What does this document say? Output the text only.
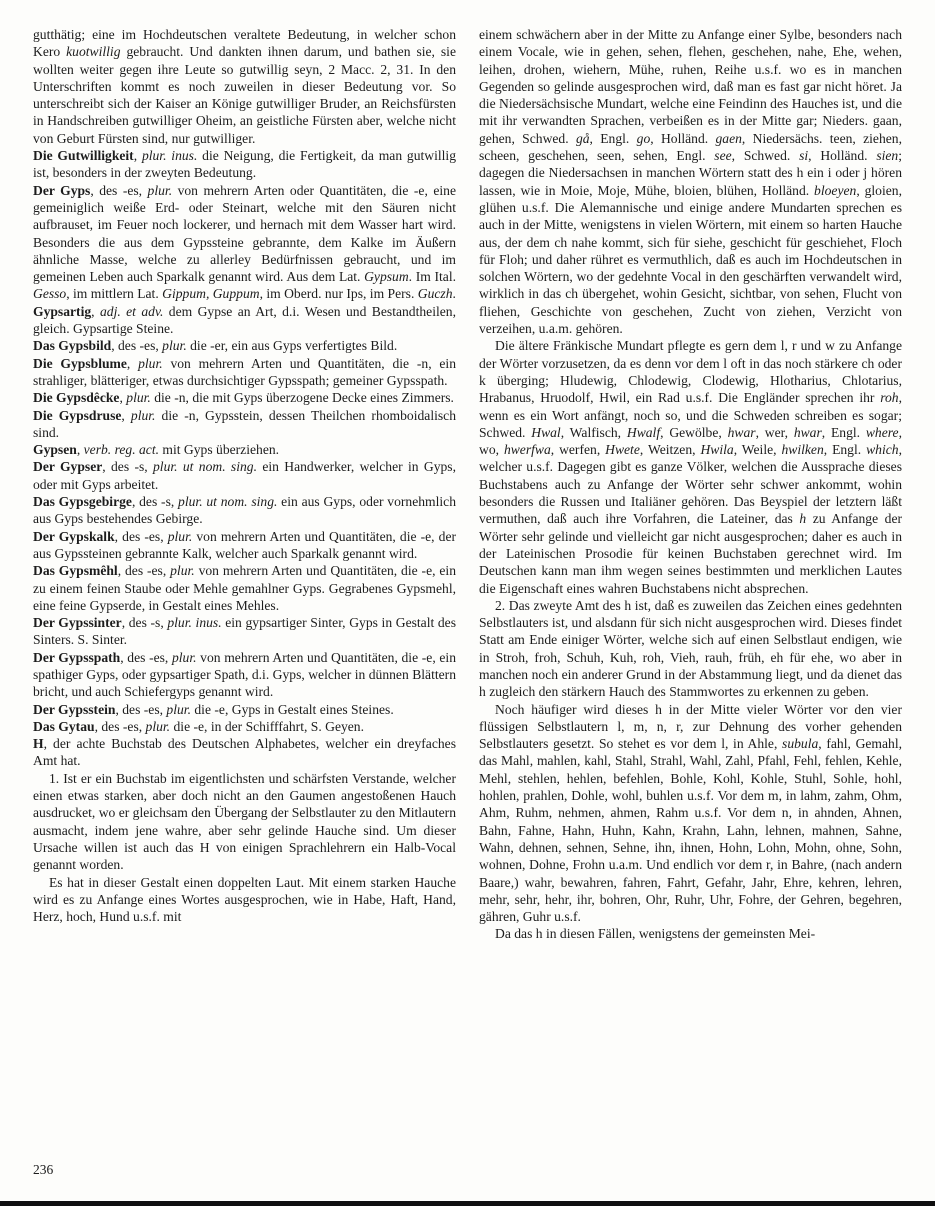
gutthätig; eine im Hochdeutschen veraltete Bedeutung, in welcher schon Kero kuotwillig gebraucht. Und dankten ihnen darum, und bathen sie, sie wollten weiter gegen ihre Leute so gutwillig seyn, 2 Macc. 2, 31. In den Unterschriften kommt es noch zuweilen in dieser Bedeutung vor. So unterschreibt sich der Kaiser an Könige gutwilliger Bruder, an Reichsfürsten in Handschreiben gutwilliger Oheim, an geistliche Fürsten aber, welche nicht von Geburt Fürsten sind, nur gutwilliger.

Die Gutwilligkeit, plur. inus. die Neigung, die Fertigkeit, da man gutwillig ist, besonders in der zweyten Bedeutung.

Der Gyps, des -es, plur. von mehrern Arten oder Quantitäten, die -e, eine gemeiniglich weiße Erd- oder Steinart, welche mit den Säuren nicht aufbrauset, im Feuer noch lockerer, und hernach mit dem Wasser hart wird. Besonders die aus dem Gypssteine gebrannte, dem Kalke im Äußern ähnliche Masse, welche zu allerley Bedürfnissen gebraucht, und im gemeinen Leben auch Sparkalk genannt wird. Aus dem Lat. Gypsum. Im Ital. Gesso, im mittlern Lat. Gippum, Guppum, im Oberd. nur Ips, im Pers. Guczh.

Gypsartig, adj. et adv. dem Gypse an Art, d.i. Wesen und Bestandtheilen, gleich. Gypsartige Steine.

Das Gypsbild, des -es, plur. die -er, ein aus Gyps verfertigtes Bild.

Die Gypsblume, plur. von mehrern Arten und Quantitäten, die -n, ein strahliger, blätteriger, etwas durchsichtiger Gypsspath; gemeiner Gypsspath.

Die Gypsdêcke, plur. die -n, die mit Gyps überzogene Decke eines Zimmers.

Die Gypsdruse, plur. die -n, Gypsstein, dessen Theilchen rhomboidalisch sind.

Gypsen, verb. reg. act. mit Gyps überziehen.

Der Gypser, des -s, plur. ut nom. sing. ein Handwerker, welcher in Gyps, oder mit Gyps arbeitet.

Das Gypsgebirge, des -s, plur. ut nom. sing. ein aus Gyps, oder vornehmlich aus Gyps bestehendes Gebirge.

Der Gypskalk, des -es, plur. von mehrern Arten und Quantitäten, die -e, der aus Gypssteinen gebrannte Kalk, welcher auch Sparkalk genannt wird.

Das Gypsmêhl, des -es, plur. von mehrern Arten und Quantitäten, die -e, ein zu einem feinen Staube oder Mehle gemahlner Gyps. Gegrabenes Gypsmehl, eine feine Gypserde, in Gestalt eines Mehles.

Der Gypssinter, des -s, plur. inus. ein gypsartiger Sinter, Gyps in Gestalt des Sinters. S. Sinter.

Der Gypsspath, des -es, plur. von mehrern Arten und Quantitäten, die -e, ein spathiger Gyps, oder gypsartiger Spath, d.i. Gyps, welcher in dünnen Blättern bricht, und auch Schiefergyps genannt wird.

Der Gypsstein, des -es, plur. die -e, Gyps in Gestalt eines Steines.

Das Gytau, des -es, plur. die -e, in der Schifffahrt, S. Geyen.

H, der achte Buchstab des Deutschen Alphabetes, welcher ein dreyfaches Amt hat.

1. Ist er ein Buchstab im eigentlichsten und schärfsten Verstande, welcher einen etwas starken, aber doch nicht an den Gaumen angestoßenen Hauch ausdrucket, wo er gleichsam den Übergang der Selbstlauter zu den Mitlautern ausmacht, indem jene wahre, aber sehr gelinde Hauche sind. Um dieser Ursache willen ist auch das H von einigen Sprachlehrern ein Halb-Vocal genannt worden.

Es hat in dieser Gestalt einen doppelten Laut. Mit einem starken Hauche wird es zu Anfange eines Wortes ausgesprochen, wie in Habe, Haft, Hand, Herz, hoch, Hund u.s.f. mit

einem schwächern aber in der Mitte zu Anfange einer Sylbe, besonders nach einem Vocale, wie in gehen, sehen, flehen, geschehen, nahe, Ehe, wehen, leihen, drohen, wiehern, Mühe, ruhen, Reihe u.s.f. wo es in manchen Gegenden so gelinde ausgesprochen wird, daß man es fast gar nicht höret. Ja die Niedersächsische Mundart, welche eine Feindinn des Hauches ist, und die mit ihr verwandten Sprachen, verbeißen es in der Mitte gar; Nieders. gaan, gehen, Schwed. gå, Engl. go, Holländ. gaen, Niedersächs. teen, ziehen, scheen, geschehen, seen, sehen, Engl. see, Schwed. si, Holländ. sien; dagegen die Niedersachsen in manchen Wörtern statt des h ein i oder j hören lassen, wie in Moie, Moje, Mühe, bloien, blühen, Holländ. bloeyen, gloien, glühen u.s.f. Die Alemannische und einige andere Mundarten sprechen es auch in der Mitte, wenigstens in vielen Wörtern, mit einem so harten Hauche aus, der dem ch nahe kommt, sich für siehe, geschicht für geschiehet, Floch für Floh; und daher rühret es vermuthlich, daß es auch im Hochdeutschen in solchen Wörtern, wo der gedehnte Vocal in den geschärften verwandelt wird, wirklich in das ch übergehet, wohin Gesicht, sichtbar, von sehen, Flucht von fliehen, Geschichte von geschehen, Zucht von ziehen, Verzicht von verzeihen, u.a.m. gehören.

Die ältere Fränkische Mundart pflegte es gern dem l, r und w zu Anfange der Wörter vorzusetzen, da es denn vor dem l oft in das noch stärkere ch oder k überging; Hludewig, Chlodewig, Clodewig, Hlotharius, Chlotarius, Hrabanus, Hruodolf, Hwil, ein Rad u.s.f. Die Engländer sprechen ihr roh, wenn es ein Wort anfängt, noch so, und die Schweden schreiben es sogar; Schwed. Hwal, Walfisch, Hwalf, Gewölbe, hwar, wer, hwar, Engl. where, wo, hwerfwa, werfen, Hwete, Weitzen, Hwila, Weile, hwilken, Engl. which, welcher u.s.f. Dagegen gibt es ganze Völker, welchen die Aussprache dieses Buchstabens auch zu Anfange der Wörter sehr schwer ankommt, wohin besonders die Russen und Italiäner gehören. Das Beyspiel der letztern läßt vermuthen, daß auch ihre Vorfahren, die Lateiner, das h zu Anfange der Wörter sehr gelinde und vielleicht gar nicht ausgesprochen; daher es auch in der Lateinischen Prosodie für keinen Buchstaben gerechnet wird. Im Deutschen kann man ihm wegen seines bestimmten und merklichen Lautes die Eigenschaft eines wahren Buchstabens nicht absprechen.

2. Das zweyte Amt des h ist, daß es zuweilen das Zeichen eines gedehnten Selbstlauters ist, und alsdann für sich nicht ausgesprochen wird. Dieses findet Statt am Ende einiger Wörter, welche sich auf einen Selbstlaut endigen, wie in Stroh, froh, Schuh, Kuh, roh, Vieh, rauh, früh, eh für ehe, wo aber in manchen noch ein anderer Grund in der Abstammung liegt, und da dienet das h zugleich den stärkern Hauch des Stammwortes zu erkennen zu geben.

Noch häufiger wird dieses h in der Mitte vieler Wörter vor den vier flüssigen Selbstlautern l, m, n, r, zur Dehnung des vorher gehenden Selbstlauters gesetzt. So stehet es vor dem l, in Ahle, subula, fahl, Gemahl, das Mahl, mahlen, kahl, Stahl, Strahl, Wahl, Zahl, Pfahl, Fehl, fehlen, Kehle, Mehl, stehlen, hehlen, befehlen, Bohle, Kohl, Kohle, Stuhl, Sohle, hohl, hohlen, prahlen, Dohle, wohl, buhlen u.s.f. Vor dem m, in lahm, zahm, Ohm, Ahm, Ruhm, nehmen, ahmen, Rahm u.s.f. Vor dem n, in ahnden, Ahnen, Bahn, Fahne, Hahn, Huhn, Kahn, Krahn, Lahn, lehnen, mahnen, Sahne, Wahn, dehnen, sehnen, Sehne, ihn, ihnen, Hohn, Lohn, Mohn, ohne, Sohn, wohnen, Dohne, Frohn u.a.m. Und endlich vor dem r, in Bahre, (nach andern Baare,) wahr, bewahren, fahren, Fahrt, Gefahr, Jahr, Ehre, kehren, lehren, mehr, sehr, hehr, ihr, bohren, Ohr, Ruhr, Uhr, Fohre, der Gehren, begehren, gähren, Guhr u.s.f.

Da das h in diesen Fällen, wenigstens der gemeinsten Mei-

236
